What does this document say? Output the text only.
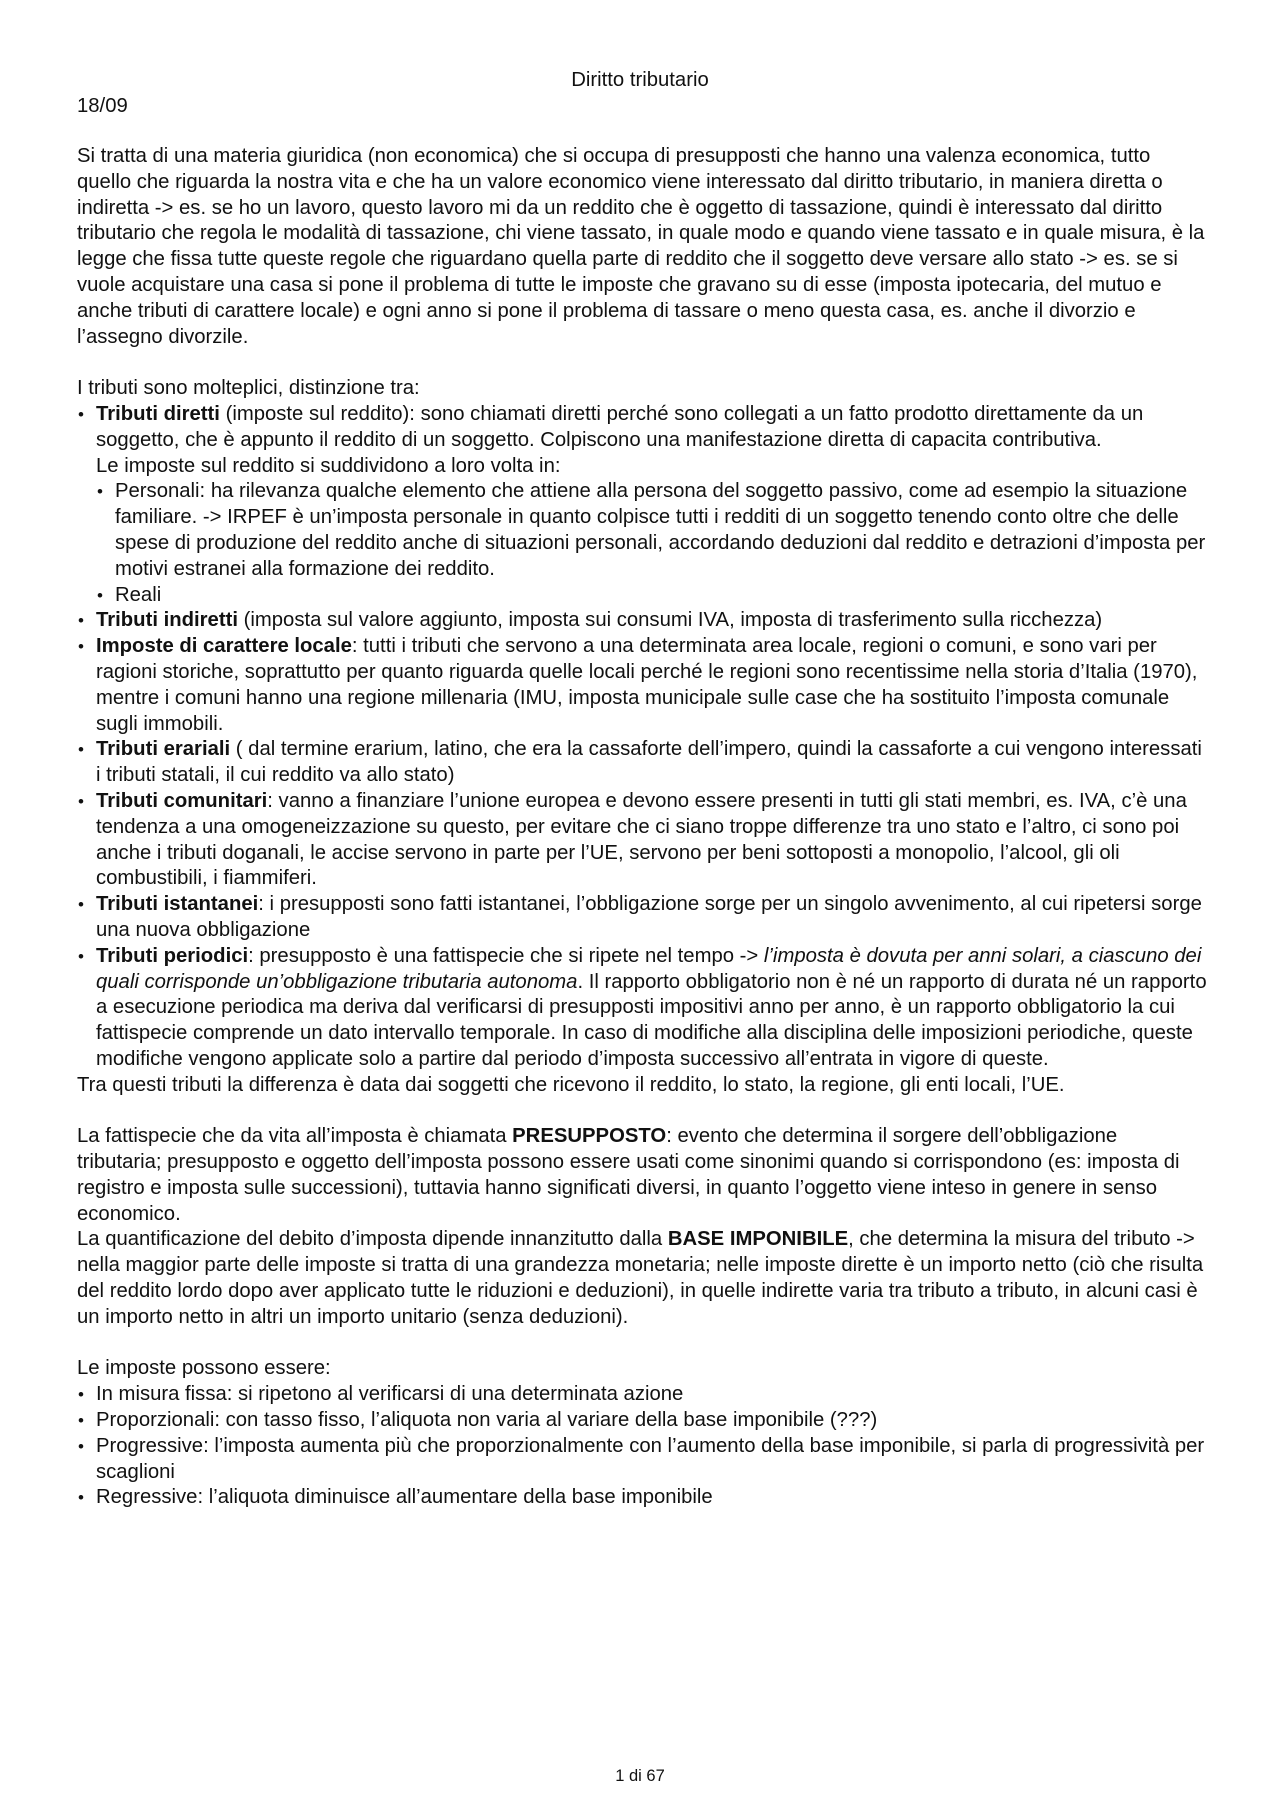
Diritto tributario
18/09

Si tratta di una materia giuridica (non economica) che si occupa di presupposti che hanno una valenza economica, tutto quello che riguarda la nostra vita e che ha un valore economico viene interessato dal diritto tributario, in maniera diretta o indiretta -> es. se ho un lavoro, questo lavoro mi da un reddito che è oggetto di tassazione, quindi è interessato dal diritto tributario che regola le modalità di tassazione, chi viene tassato, in quale modo e quando viene tassato e in quale misura, è la legge che fissa tutte queste regole che riguardano quella parte di reddito che il soggetto deve versare allo stato -> es. se si vuole acquistare una casa si pone il problema di tutte le imposte che gravano su di esse (imposta ipotecaria, del mutuo e anche tributi di carattere locale) e ogni anno si pone il problema di tassare o meno questa casa, es. anche il divorzio e l’assegno divorzile.

I tributi sono molteplici, distinzione tra:

• Tributi diretti (imposte sul reddito): sono chiamati diretti perché sono collegati a un fatto prodotto direttamente da un soggetto, che è appunto il reddito di un soggetto. Colpiscono una manifestazione diretta di capacita contributiva.
Le imposte sul reddito si suddividono a loro volta in:
• Personali: ha rilevanza qualche elemento che attiene alla persona del soggetto passivo, come ad esempio la situazione familiare. -> IRPEF è un’imposta personale in quanto colpisce tutti i redditi di un soggetto tenendo conto oltre che delle spese di produzione del reddito anche di situazioni personali, accordando deduzioni dal reddito e detrazioni d’imposta per motivi estranei alla formazione dei reddito.
• Reali
• Tributi indiretti (imposta sul valore aggiunto, imposta sui consumi IVA, imposta di trasferimento sulla ricchezza)
• Imposte di carattere locale: tutti i tributi che servono a una determinata area locale, regioni o comuni, e sono vari per ragioni storiche, soprattutto per quanto riguarda quelle locali perché le regioni sono recentissime nella storia d’Italia (1970), mentre i comuni hanno una regione millenaria (IMU, imposta municipale sulle case che ha sostituito l’imposta comunale sugli immobili.
• Tributi erariali ( dal termine erarium, latino, che era la cassaforte dell’impero, quindi la cassaforte a cui vengono interessati i tributi statali, il cui reddito va allo stato)
• Tributi comunitari: vanno a finanziare l’unione europea e devono essere presenti in tutti gli stati membri, es. IVA, c’è una tendenza a una omogeneizzazione su questo, per evitare che ci siano troppe differenze tra uno stato e l’altro, ci sono poi anche i tributi doganali, le accise servono in parte per l’UE, servono per beni sottoposti a monopolio, l’alcool, gli oli combustibili, i fiammiferi.
• Tributi istantanei: i presupposti sono fatti istantanei, l’obbligazione sorge per un singolo avvenimento, al cui ripetersi sorge una nuova obbligazione
• Tributi periodici: presupposto è una fattispecie che si ripete nel tempo -> l’imposta è dovuta per anni solari, a ciascuno dei quali corrisponde un’obbligazione tributaria autonoma. Il rapporto obbligatorio non è né un rapporto di durata né un rapporto a esecuzione periodica ma deriva dal verificarsi di presupposti impositivi anno per anno, è un rapporto obbligatorio la cui fattispecie comprende un dato intervallo temporale. In caso di modifiche alla disciplina delle imposizioni periodiche, queste modifiche vengono applicate solo a partire dal periodo d’imposta successivo all’entrata in vigore di queste.

Tra questi tributi la differenza è data dai soggetti che ricevono il reddito, lo stato, la regione, gli enti locali, l’UE.

La fattispecie che da vita all’imposta è chiamata PRESUPPOSTO: evento che determina il sorgere dell’obbligazione tributaria; presupposto e oggetto dell’imposta possono essere usati come sinonimi quando si corrispondono (es: imposta di registro e imposta sulle successioni), tuttavia hanno significati diversi, in quanto l’oggetto viene inteso in genere in senso economico.

La quantificazione del debito d’imposta dipende innanzitutto dalla BASE IMPONIBILE, che determina la misura del tributo -> nella maggior parte delle imposte si tratta di una grandezza monetaria; nelle imposte dirette è un importo netto (ciò che risulta del reddito lordo dopo aver applicato tutte le riduzioni e deduzioni), in quelle indirette varia tra tributo a tributo, in alcuni casi è un importo netto in altri un importo unitario (senza deduzioni).

Le imposte possono essere:

• In misura fissa: si ripetono al verificarsi di una determinata azione
• Proporzionali: con tasso fisso, l’aliquota non varia al variare della base imponibile (???)
• Progressive: l’imposta aumenta più che proporzionalmente con l’aumento della base imponibile, si parla di progressività per scaglioni
• Regressive: l’aliquota diminuisce all’aumentare della base imponibile
1 di 67
